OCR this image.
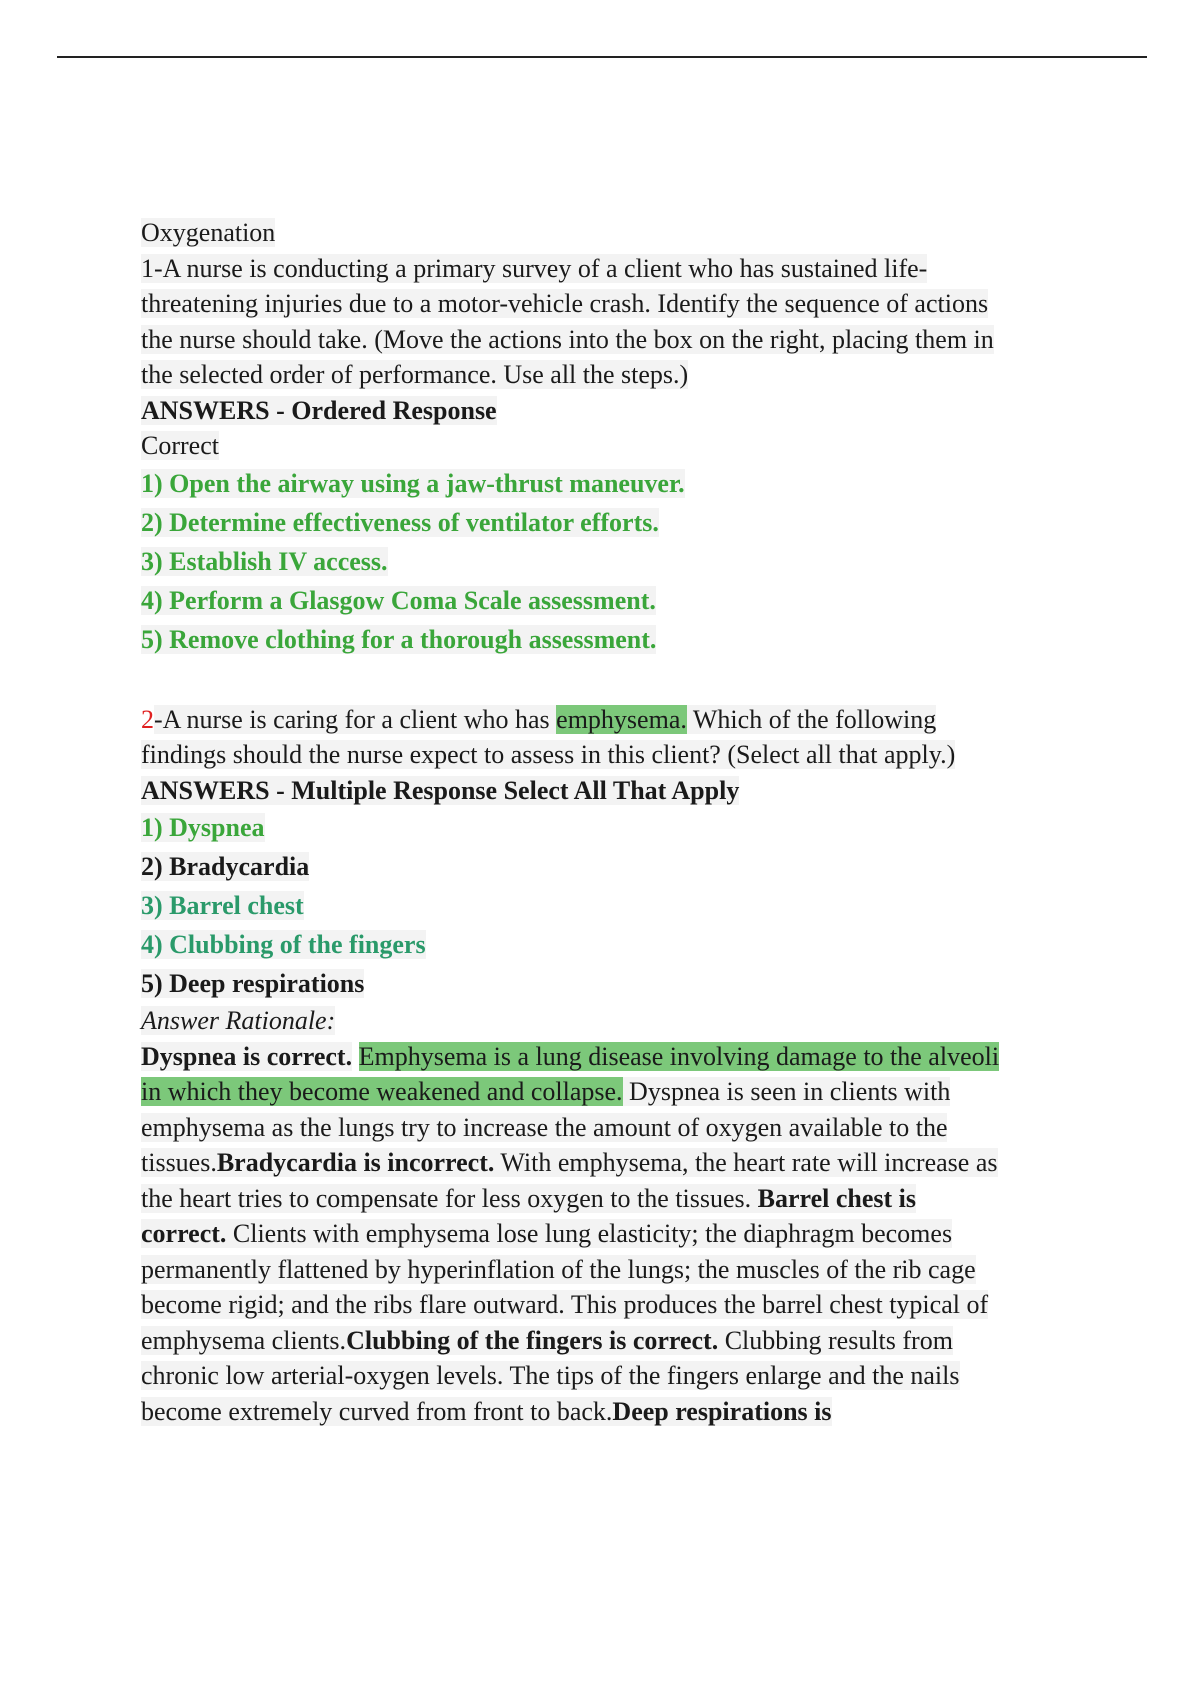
Oxygenation
1-A nurse is conducting a primary survey of a client who has sustained life-
threatening injuries due to a motor-vehicle crash. Identify the sequence of actions
the nurse should take. (Move the actions into the box on the right, placing them in
the selected order of performance. Use all the steps.)
ANSWERS - Ordered Response
Correct
1) Open the airway using a jaw-thrust maneuver.
2) Determine effectiveness of ventilator efforts.
3) Establish IV access.
4) Perform a Glasgow Coma Scale assessment.
5) Remove clothing for a thorough assessment.
2-A nurse is caring for a client who has emphysema. Which of the following
findings should the nurse expect to assess in this client? (Select all that apply.)
ANSWERS - Multiple Response Select All That Apply
1) Dyspnea
2) Bradycardia
3) Barrel chest
4) Clubbing of the fingers
5) Deep respirations
Answer Rationale:
Dyspnea is correct. Emphysema is a lung disease involving damage to the alveoli
in which they become weakened and collapse. Dyspnea is seen in clients with
emphysema as the lungs try to increase the amount of oxygen available to the
tissues.Bradycardia is incorrect. With emphysema, the heart rate will increase as
the heart tries to compensate for less oxygen to the tissues. Barrel chest is
correct. Clients with emphysema lose lung elasticity; the diaphragm becomes
permanently flattened by hyperinflation of the lungs; the muscles of the rib cage
become rigid; and the ribs flare outward. This produces the barrel chest typical of
emphysema clients.Clubbing of the fingers is correct. Clubbing results from
chronic low arterial-oxygen levels. The tips of the fingers enlarge and the nails
become extremely curved from front to back.Deep respirations is
